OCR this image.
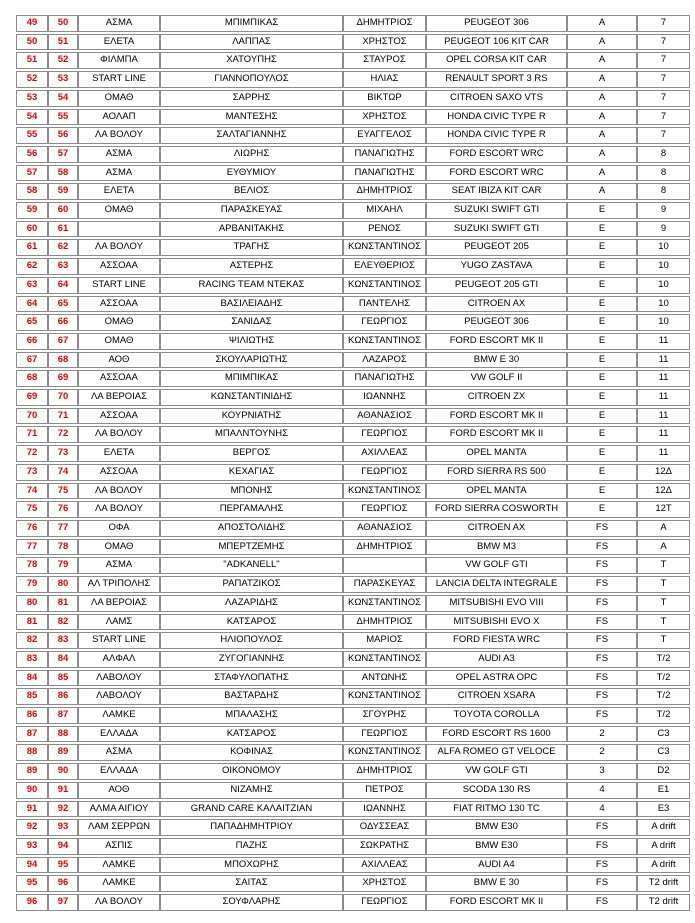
49	50	ΑΣΜΑ	ΜΠΙΜΠΙΚΑΣ	ΔΗΜΗΤΡΙΟΣ	PEUGEOT 306	A	7
50	51	ΕΛΕΤΑ	ΛΑΠΠΑΣ	ΧΡΗΣΤΟΣ	PEUGEOT 106 KIT CAR	A	7
51	52	ΦΙΛΜΠΑ	ΧΑΤΟΥΠΗΣ	ΣΤΑΥΡΟΣ	OPEL CORSA KIT CAR	A	7
52	53	START LINE	ΓΙΑΝΝΟΠΟΥΛΟΣ	ΗΛΙΑΣ	RENAULT SPORT 3 RS	A	7
53	54	ΟΜΑΘ	ΣΑΡΡΗΣ	ΒΙΚΤΩΡ	CITROEN SAXO VTS	A	7
54	55	ΑΟΛΑΠ	ΜΑΝΤΕΣΗΣ	ΧΡΗΣΤΟΣ	HONDA CIVIC TYPE R	A	7
55	56	ΛΑ ΒΟΛΟΥ	ΣΑΛΤΑΓΙΑΝΝΗΣ	ΕΥΑΓΓΕΛΟΣ	HONDA CIVIC TYPE R	A	7
56	57	ΑΣΜΑ	ΛΙΩΡΗΣ	ΠΑΝΑΓΙΩΤΗΣ	FORD ESCORT WRC	A	8
57	58	ΑΣΜΑ	ΕΥΘΥΜΙΟΥ	ΠΑΝΑΓΙΩΤΗΣ	FORD ESCORT WRC	A	8
58	59	ΕΛΕΤΑ	ΒΕΛΙΟΣ	ΔΗΜΗΤΡΙΟΣ	SEAT IBIZA KIT CAR	A	8
59	60	ΟΜΑΘ	ΠΑΡΑΣΚΕΥΑΣ	ΜΙΧΑΗΛ	SUZUKI SWIFT GTI	E	9
60	61		ΑΡΒΑΝΙΤΑΚΗΣ	ΡΕΝΟΣ	SUZUKI SWIFT GTI	E	9
61	62	ΛΑ ΒΟΛΟΥ	ΤΡΑΓΗΣ	ΚΩΝΣΤΑΝΤΙΝΟΣ	PEUGEOT 205	E	10
62	63	ΑΣΣΟΑΑ	ΑΣΤΕΡΗΣ	ΕΛΕΥΘΕΡΙΟΣ	YUGO ZASTAVA	E	10
63	64	START LINE	RACING TEAM ΝΤΕΚΑΣ	ΚΩΝΣΤΑΝΤΙΝΟΣ	PEUGEOT 205 GTI	E	10
64	65	ΑΣΣΟΑΑ	ΒΑΣΙΛΕΙΑΔΗΣ	ΠΑΝΤΕΛΗΣ	CITROEN AX	E	10
65	66	ΟΜΑΘ	ΣΑΝΙΔΑΣ	ΓΕΩΡΓΙΟΣ	PEUGEOT 306	E	10
66	67	ΟΜΑΘ	ΨΙΛΙΩΤΗΣ	ΚΩΝΣΤΑΝΤΙΝΟΣ	FORD ESCORT MK II	E	11
67	68	ΑΟΘ	ΣΚΟΥΛΑΡΙΩΤΗΣ	ΛΑΖΑΡΟΣ	BMW E 30	E	11
68	69	ΑΣΣΟΑΑ	ΜΠΙΜΠΙΚΑΣ	ΠΑΝΑΓΙΩΤΗΣ	VW GOLF II	E	11
69	70	ΛΑ ΒΕΡΟΙΑΣ	ΚΩΝΣΤΑΝΤΙΝΙΔΗΣ	ΙΩΑΝΝΗΣ	CITROEN ZX	E	11
70	71	ΑΣΣΟΑΑ	ΚΟΥΡΝΙΑΤΗΣ	ΑΘΑΝΑΣΙΟΣ	FORD ESCORT MK II	E	11
71	72	ΛΑ ΒΟΛΟΥ	ΜΠΑΛΝΤΟΥΝΗΣ	ΓΕΩΡΓΙΟΣ	FORD ESCORT MK II	E	11
72	73	ΕΛΕΤΑ	ΒΕΡΓΟΣ	ΑΧΙΛΛΕΑΣ	OPEL MANTA	E	11
73	74	ΑΣΣΟΑΑ	ΚΕΧΑΓΙΑΣ	ΓΕΩΡΓΙΟΣ	FORD SIERRA RS 500	E	12Δ
74	75	ΛΑ ΒΟΛΟΥ	ΜΠΟΝΗΣ	ΚΩΝΣΤΑΝΤΙΝΟΣ	OPEL MANTA	E	12Δ
75	76	ΛΑ ΒΟΛΟΥ	ΠΕΡΓΑΜΑΛΗΣ	ΓΕΩΡΓΙΟΣ	FORD SIERRA COSWORTH	E	12T
76	77	ΟΦΑ	ΑΠΟΣΤΟΛΙΔΗΣ	ΑΘΑΝΑΣΙΟΣ	CITROEN AX	FS	A
77	78	ΟΜΑΘ	ΜΠΕΡΤΖΕΜΗΣ	ΔΗΜΗΤΡΙΟΣ	BMW M3	FS	A
78	79	ΑΣΜΑ	"ADKANELL"		VW GOLF GTI	FS	T
79	80	ΑΛ ΤΡΙΠΟΛΗΣ	ΡΑΠΑΤΖΙΚΟΣ	ΠΑΡΑΣΚΕΥΑΣ	LANCIA DELTA INTEGRALE	FS	T
80	81	ΛΑ ΒΕΡΟΙΑΣ	ΛΑΖΑΡΙΔΗΣ	ΚΩΝΣΤΑΝΤΙΝΟΣ	MITSUBISHI EVO VIII	FS	T
81	82	ΛΑΜΣ	ΚΑΤΣΑΡΟΣ	ΔΗΜΗΤΡΙΟΣ	MITSUBISHI EVO X	FS	T
82	83	START LINE	ΗΛΙΟΠΟΥΛΟΣ	ΜΑΡΙΟΣ	FORD FIESTA WRC	FS	T
83	84	ΑΛΦΑΛ	ΖΥΓΟΓΙΑΝΝΗΣ	ΚΩΝΣΤΑΝΤΙΝΟΣ	AUDI A3	FS	T/2
84	85	ΛΑΒΟΛΟΥ	ΣΤΑΦΥΛΟΠΑΤΗΣ	ΑΝΤΩΝΗΣ	OPEL ASTRA OPC	FS	T/2
85	86	ΛΑΒΟΛΟΥ	ΒΑΣΤΑΡΔΗΣ	ΚΩΝΣΤΑΝΤΙΝΟΣ	CITROEN XSARA	FS	T/2
86	87	ΛΑΜΚΕ	ΜΠΑΛΑΣΗΣ	ΣΓΟΥΡΗΣ	TOYOTA COROLLA	FS	T/2
87	88	ΕΛΛΑΔΑ	ΚΑΤΣΑΡΟΣ	ΓΕΩΡΓΙΟΣ	FORD ESCORT RS 1600	2	C3
88	89	ΑΣΜΑ	ΚΟΦΙΝΑΣ	ΚΩΝΣΤΑΝΤΙΝΟΣ	ALFA ROMEO GT VELOCE	2	C3
89	90	ΕΛΛΑΔΑ	ΟΙΚΟΝΟΜΟΥ	ΔΗΜΗΤΡΙΟΣ	VW GOLF GTI	3	D2
90	91	ΑΟΘ	ΝΙΖΑΜΗΣ	ΠΕΤΡΟΣ	SCODA 130 RS	4	E1
91	92	ΑΛΜΑ ΑΙΓΙΟΥ	GRAND CARE ΚΑΛΑΙΤΖΙΑΝ	ΙΩΑΝΝΗΣ	FIAT RITMO 130 TC	4	E3
92	93	ΛΑΜ ΣΕΡΡΩΝ	ΠΑΠΑΔΗΜΗΤΡΙΟΥ	ΟΔΥΣΣΕΑΣ	BMW E30	FS	A drift
93	94	ΑΣΠΙΣ	ΠΑΖΗΣ	ΣΩΚΡΑΤΗΣ	BMW E30	FS	A drift
94	95	ΛΑΜΚΕ	ΜΠΟΧΩΡΗΣ	ΑΧΙΛΛΕΑΣ	AUDI A4	FS	A drift
95	96	ΛΑΜΚΕ	ΣΑΙΤΑΣ	ΧΡΗΣΤΟΣ	BMW E 30	FS	T2 drift
96	97	ΛΑ ΒΟΛΟΥ	ΣΟΥΦΛΑΡΗΣ	ΓΕΩΡΓΙΟΣ	FORD ESCORT MK II	FS	T2 drift
